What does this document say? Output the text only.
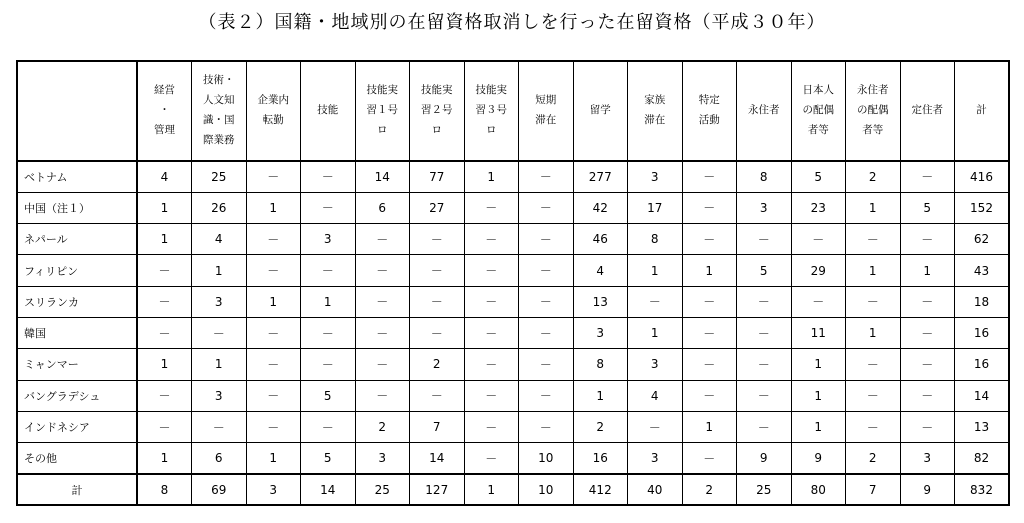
（表２）国籍・地域別の在留資格取消しを行った在留資格（平成３０年）
	経営
・
管理	技術・
人文知
識・国
際業務	企業内
転勤	技能	技能実
習１号
ロ	技能実
習２号
ロ	技能実
習３号
ロ	短期
滞在	留学	家族
滞在	特定
活動	永住者	日本人
の配偶
者等	永住者
の配偶
者等	定住者	計
ベトナム	4	25	－	－	14	77	1	－	277	3	－	8	5	2	－	416
中国（注１）	1	26	1	－	6	27	－	－	42	17	－	3	23	1	5	152
ネパール	1	4	－	3	－	－	－	－	46	8	－	－	－	－	－	62
フィリピン	－	1	－	－	－	－	－	－	4	1	1	5	29	1	1	43
スリランカ	－	3	1	1	－	－	－	－	13	－	－	－	－	－	－	18
韓国	－	－	－	－	－	－	－	－	3	1	－	－	11	1	－	16
ミャンマー	1	1	－	－	－	2	－	－	8	3	－	－	1	－	－	16
バングラデシュ	－	3	－	5	－	－	－	－	1	4	－	－	1	－	－	14
インドネシア	－	－	－	－	2	7	－	－	2	－	1	－	1	－	－	13
その他	1	6	1	5	3	14	－	10	16	3	－	9	9	2	3	82
計	8	69	3	14	25	127	1	10	412	40	2	25	80	7	9	832
